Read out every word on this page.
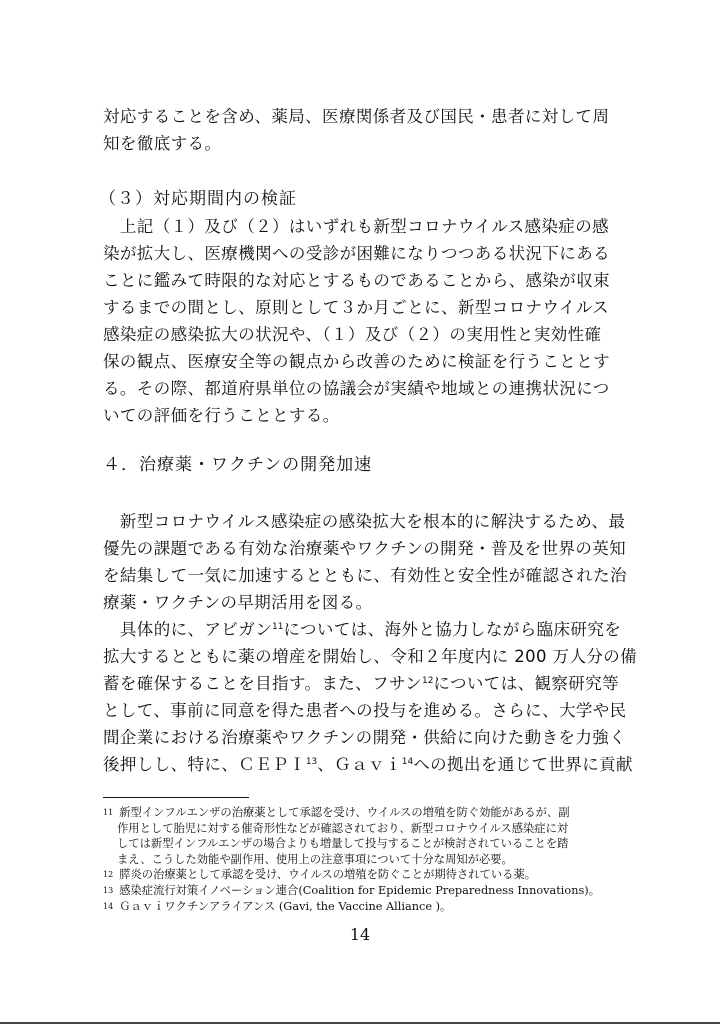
対応することを含め、薬局、医療関係者及び国民・患者に対して周
知を徹底する。
（３）対応期間内の検証
　上記（１）及び（２）はいずれも新型コロナウイルス感染症の感
染が拡大し、医療機関への受診が困難になりつつある状況下にある
ことに鑑みて時限的な対応とするものであることから、感染が収束
するまでの間とし、原則として３か月ごとに、新型コロナウイルス
感染症の感染拡大の状況や、（１）及び（２）の実用性と実効性確
保の観点、医療安全等の観点から改善のために検証を行うこととす
る。その際、都道府県単位の協議会が実績や地域との連携状況につ
いての評価を行うこととする。
４．治療薬・ワクチンの開発加速
　新型コロナウイルス感染症の感染拡大を根本的に解決するため、最
優先の課題である有効な治療薬やワクチンの開発・普及を世界の英知
を結集して一気に加速するとともに、有効性と安全性が確認された治
療薬・ワクチンの早期活用を図る。
　具体的に、アビガン$^{11}$については、海外と協力しながら臨床研究を
拡大するとともに薬の増産を開始し、令和２年度内に 200 万人分の備
蓄を確保することを目指す。また、フサン$^{12}$については、観察研究等
として、事前に同意を得た患者への投与を進める。さらに、大学や民
間企業における治療薬やワクチンの開発・供給に向けた動きを力強く
後押しし、特に、ＣＥＰＩ$^{13}$、Ｇａｖｉ$^{14}$への拠出を通じて世界に貢献

$^{11}$ 新型インフルエンザの治療薬として承認を受け、ウイルスの増殖を防ぐ効能があるが、副

作用として胎児に対する催奇形性などが確認されており、新型コロナウイルス感染症に対

しては新型インフルエンザの場合よりも増量して投与することが検討されていることを踏

まえ、こうした効能や副作用、使用上の注意事項について十分な周知が必要。

$^{12}$ 膵炎の治療薬として承認を受け、ウイルスの増殖を防ぐことが期待されている薬。

$^{13}$ 感染症流行対策イノベーション連合(Coalition for Epidemic Preparedness Innovations)。

$^{14}$ Ｇａｖｉワクチンアライアンス (Gavi, the Vaccine Alliance )。

14
